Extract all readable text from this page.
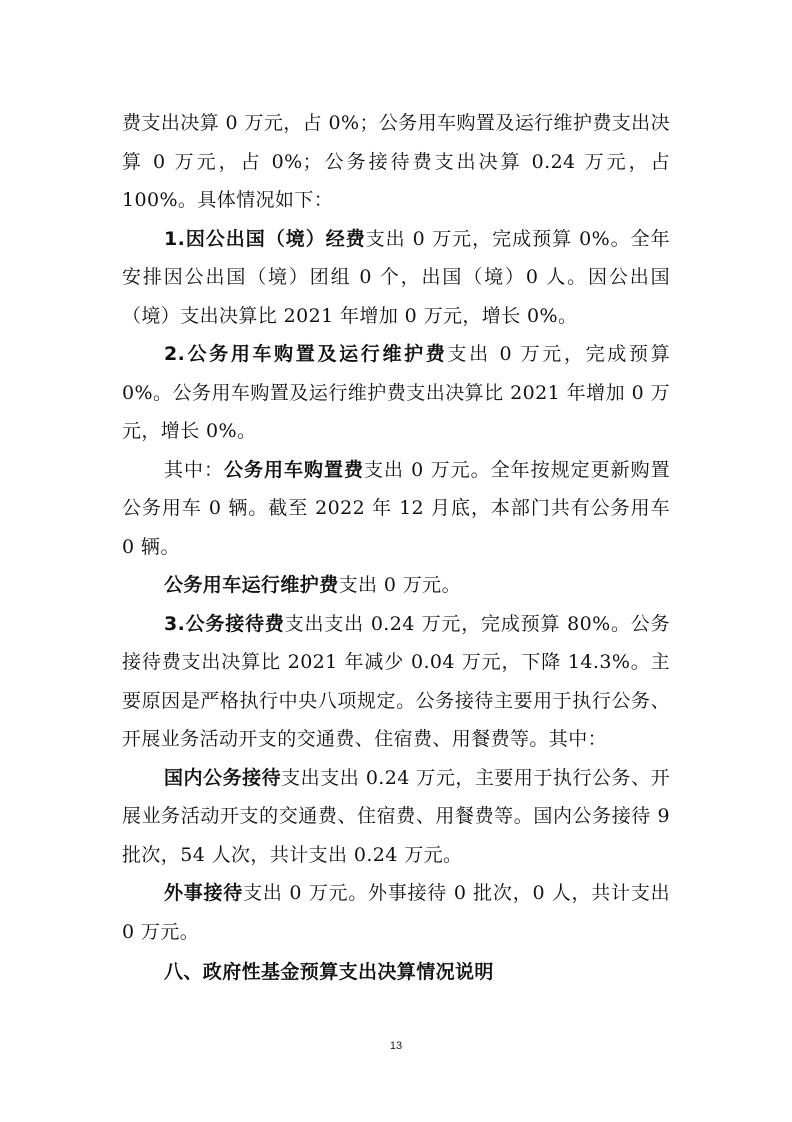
费支出决算 0 万元，占 0%；公务用车购置及运行维护费支出决算 0 万元，占 0%；公务接待费支出决算 0.24 万元，占 100%。具体情况如下：

1.因公出国（境）经费支出 0 万元，完成预算 0%。全年安排因公出国（境）团组 0 个，出国（境）0 人。因公出国（境）支出决算比 2021 年增加 0 万元，增长 0%。

2.公务用车购置及运行维护费支出 0 万元，完成预算 0%。公务用车购置及运行维护费支出决算比 2021 年增加 0 万元，增长 0%。

其中：公务用车购置费支出 0 万元。全年按规定更新购置公务用车 0 辆。截至 2022 年 12 月底，本部门共有公务用车 0 辆。

公务用车运行维护费支出 0 万元。

3.公务接待费支出支出 0.24 万元，完成预算 80%。公务接待费支出决算比 2021 年减少 0.04 万元，下降 14.3%。主要原因是严格执行中央八项规定。公务接待主要用于执行公务、开展业务活动开支的交通费、住宿费、用餐费等。其中：

国内公务接待支出支出 0.24 万元，主要用于执行公务、开展业务活动开支的交通费、住宿费、用餐费等。国内公务接待 9 批次，54 人次，共计支出 0.24 万元。

外事接待支出 0 万元。外事接待 0 批次，0 人，共计支出 0 万元。

八、政府性基金预算支出决算情况说明

13
